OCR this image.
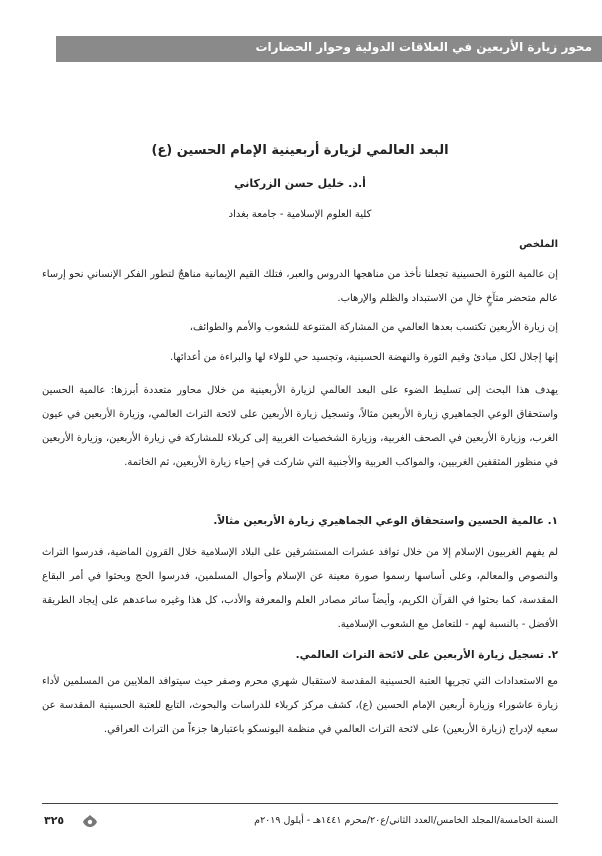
محور زيارة الأربعين في العلاقات الدولية وحوار الحضارات
البعد العالمي لزيارة أربعينية الإمام الحسين (ع)
أ.د. خليل حسن الزركاني
كلية العلوم الإسلامية - جامعة بغداد
الملخص
إن عالمية الثورة الحسينية تجعلنا نأخذ من مناهجها الدروس والعبر، فتلك القيم الإيمانية مناهجٌ لتطور الفكر الإنساني نحو إرساء عالم متحضر متآخٍ خالٍ من الاستبداد والظلم والإرهاب.
إن زيارة الأربعين تكتسب بعدها العالمي من المشاركة المتنوعة للشعوب والأمم والطوائف،
إنها إجلال لكل مبادئ وقيم الثورة والنهضة الحسينية، وتجسيد حي للولاء لها والبراءة من أعدائها.
يهدف هذا البحث إلى تسليط الضوء على البعد العالمي لزيارة الأربعينية من خلال محاور متعددة أبرزها: عالمية الحسين واستحقاق الوعي الجماهيري زيارة الأربعين مثالاً، وتسجيل زيارة الأربعين على لائحة التراث العالمي، وزيارة الأربعين في عيون الغرب، وزيارة الأربعين في الصحف الغربية، وزيارة الشخصيات الغربية إلى كربلاء للمشاركة في زيارة الأربعين، وزيارة الأربعين في منظور المثقفين الغربيين، والمواكب العربية والأجنبية التي شاركت في إحياء زيارة الأربعين، ثم الخاتمة.
١. عالمية الحسين واستحقاق الوعي الجماهيري زيارة الأربعين مثالاً.
لم يفهم الغربيون الإسلام إلا من خلال توافد عشرات المستشرقين على البلاد الإسلامية خلال القرون الماضية، فدرسوا التراث والنصوص والمعالم، وعلى أساسها رسموا صورة معينة عن الإسلام وأحوال المسلمين، فدرسوا الحج وبحثوا في أمر البقاع المقدسة، كما بحثوا في القرآن الكريم، وأيضاً سائر مصادر العلم والمعرفة والأدب، كل هذا وغيره ساعدهم على إيجاد الطريقة الأفضل - بالنسبة لهم - للتعامل مع الشعوب الإسلامية.
٢. تسجيل زيارة الأربعين على لائحة التراث العالمي.
مع الاستعدادات التي تجريها العتبة الحسينية المقدسة لاستقبال شهري محرم وصفر حيث سيتوافد الملايين من المسلمين لأداء زيارة عاشوراء وزيارة أربعين الإمام الحسين (ع)، كشف مركز كربلاء للدراسات والبحوث، التابع للعتبة الحسينية المقدسة عن سعيه لإدراج (زيارة الأربعين) على لائحة التراث العالمي في منظمة اليونسكو باعتبارها جزءاً من التراث العراقي.
السنة الخامسة/المجلد الخامس/العدد الثاني/ع٢٠/محرم ١٤٤١هـ - أيلول ٢٠١٩م
٣٢٥
